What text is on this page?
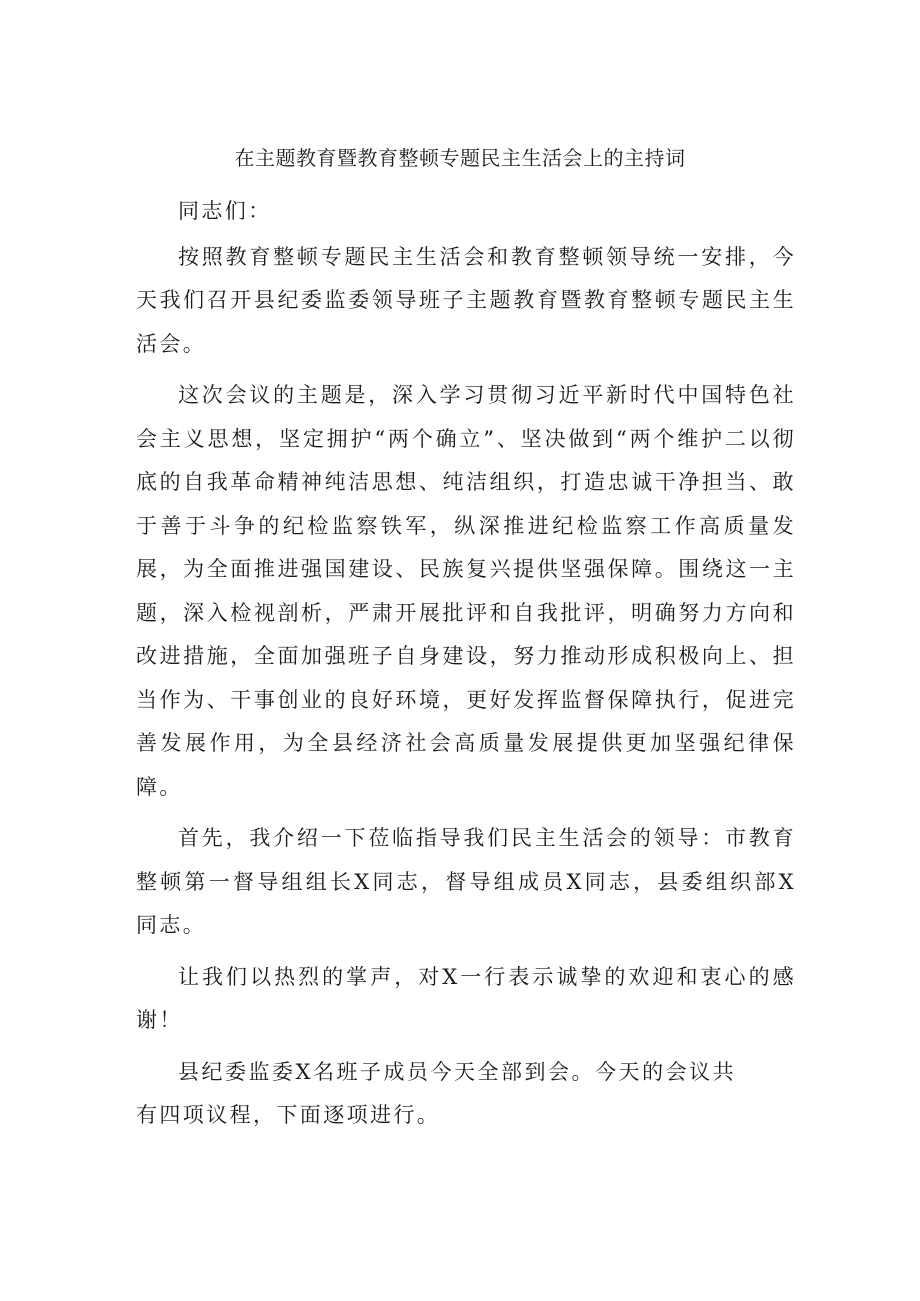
在主题教育暨教育整顿专题民主生活会上的主持词

同志们：

按照教育整顿专题民主生活会和教育整顿领导统一安排，今天我们召开县纪委监委领导班子主题教育暨教育整顿专题民主生活会。

这次会议的主题是，深入学习贯彻习近平新时代中国特色社会主义思想，坚定拥护“两个确立”、坚决做到“两个维护二以彻底的自我革命精神纯洁思想、纯洁组织，打造忠诚干净担当、敢于善于斗争的纪检监察铁军，纵深推进纪检监察工作高质量发展，为全面推进强国建设、民族复兴提供坚强保障。围绕这一主题，深入检视剖析，严肃开展批评和自我批评，明确努力方向和改进措施，全面加强班子自身建设，努力推动形成积极向上、担当作为、干事创业的良好环境，更好发挥监督保障执行，促进完善发展作用，为全县经济社会高质量发展提供更加坚强纪律保障。

首先，我介绍一下莅临指导我们民主生活会的领导：市教育整顿第一督导组组长X同志，督导组成员X同志，县委组织部X同志。

让我们以热烈的掌声，对X一行表示诚挚的欢迎和衷心的感谢！

县纪委监委X名班子成员今天全部到会。今天的会议共有四项议程，下面逐项进行。
